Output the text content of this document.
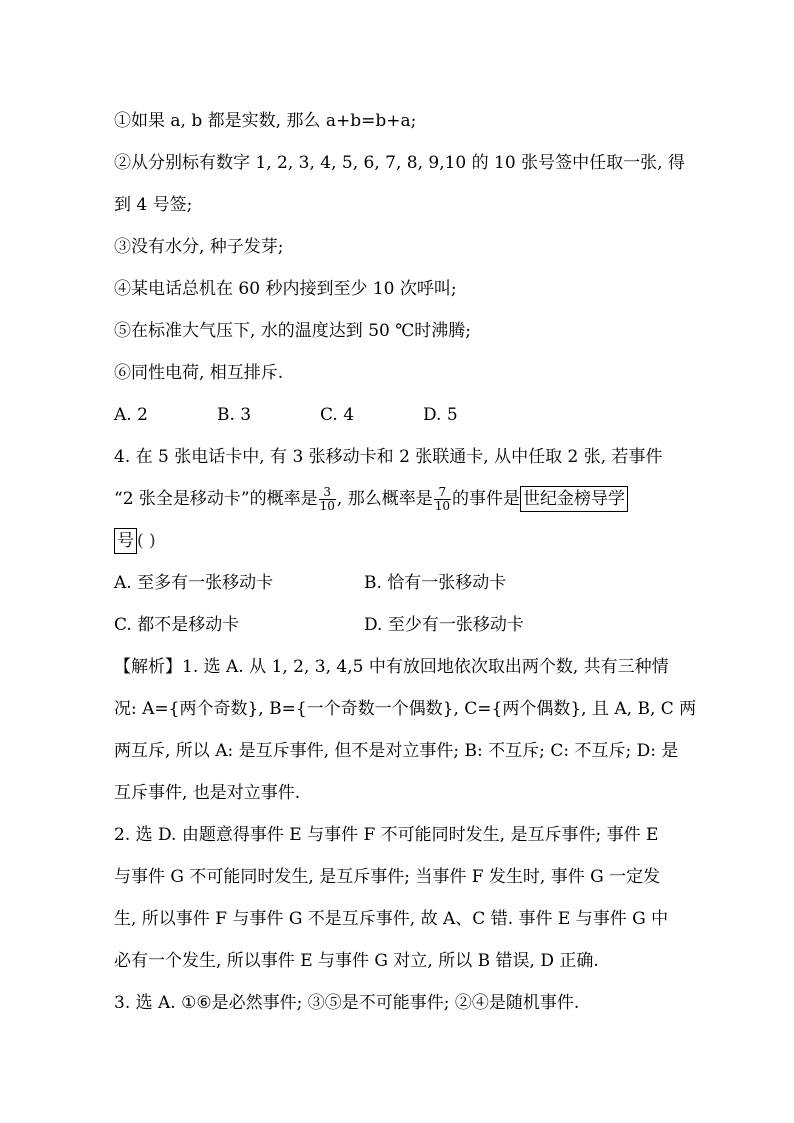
①如果 a, b 都是实数, 那么 a+b=b+a;
②从分别标有数字 1, 2, 3, 4, 5, 6, 7, 8, 9,10 的 10 张号签中任取一张, 得
到 4 号签;
③没有水分, 种子发芽;
④某电话总机在 60 秒内接到至少 10 次呼叫;
⑤在标准大气压下, 水的温度达到 50 ℃时沸腾;
⑥同性电荷, 相互排斥.
A. 2	B. 3	C. 4	D. 5
4. 在 5 张电话卡中, 有 3 张移动卡和 2 张联通卡, 从中任取 2 张, 若事件
“2 张全是移动卡”的概率是 $\frac{3}{10}$ , 那么概率是 $\frac{7}{10}$ 的事件是 世纪金榜导学
号 ( )
A. 至多有一张移动卡	B. 恰有一张移动卡
C. 都不是移动卡	D. 至少有一张移动卡
【解析】1. 选 A. 从 1, 2, 3, 4,5 中有放回地依次取出两个数, 共有三种情
况: A={两个奇数}, B={一个奇数一个偶数}, C={两个偶数}, 且 A, B, C 两
两互斥, 所以 A: 是互斥事件, 但不是对立事件; B: 不互斥; C: 不互斥; D: 是
互斥事件, 也是对立事件.
2. 选 D. 由题意得事件 E 与事件 F 不可能同时发生, 是互斥事件; 事件 E
与事件 G 不可能同时发生, 是互斥事件; 当事件 F 发生时, 事件 G 一定发
生, 所以事件 F 与事件 G 不是互斥事件, 故 A、C 错. 事件 E 与事件 G 中
必有一个发生, 所以事件 E 与事件 G 对立, 所以 B 错误, D 正确.
3. 选 A. ①⑥是必然事件; ③⑤是不可能事件; ②④是随机事件.
